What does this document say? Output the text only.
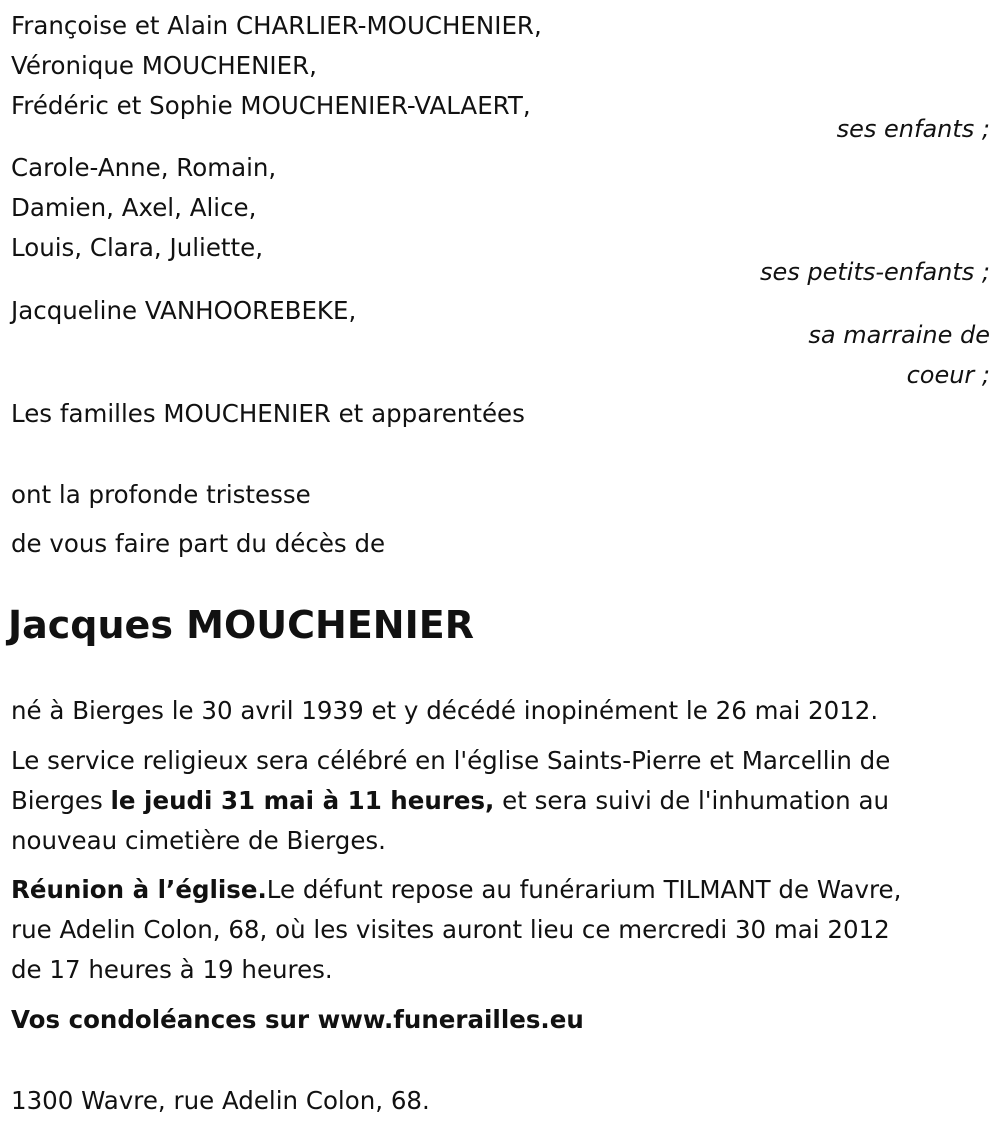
Françoise et Alain CHARLIER-MOUCHENIER,
Véronique MOUCHENIER,
Frédéric et Sophie MOUCHENIER-VALAERT,
ses enfants ;
Carole-Anne, Romain,
Damien, Axel, Alice,
Louis, Clara, Juliette,
ses petits-enfants ;
Jacqueline VANHOOREBEKE,
sa marraine de
coeur ;
Les familles MOUCHENIER et apparentées
ont la profonde tristesse
de vous faire part du décès de
Jacques MOUCHENIER
né à Bierges le 30 avril 1939 et y décédé inopinément le 26 mai 2012.
Le service religieux sera célébré en l'église Saints-Pierre et Marcellin de
Bierges le jeudi 31 mai à 11 heures, et sera suivi de l'inhumation au
nouveau cimetière de Bierges.
Réunion à l’église.Le défunt repose au funérarium TILMANT de Wavre,
rue Adelin Colon, 68, où les visites auront lieu ce mercredi 30 mai 2012
de 17 heures à 19 heures.
Vos condoléances sur www.funerailles.eu
1300 Wavre, rue Adelin Colon, 68.
